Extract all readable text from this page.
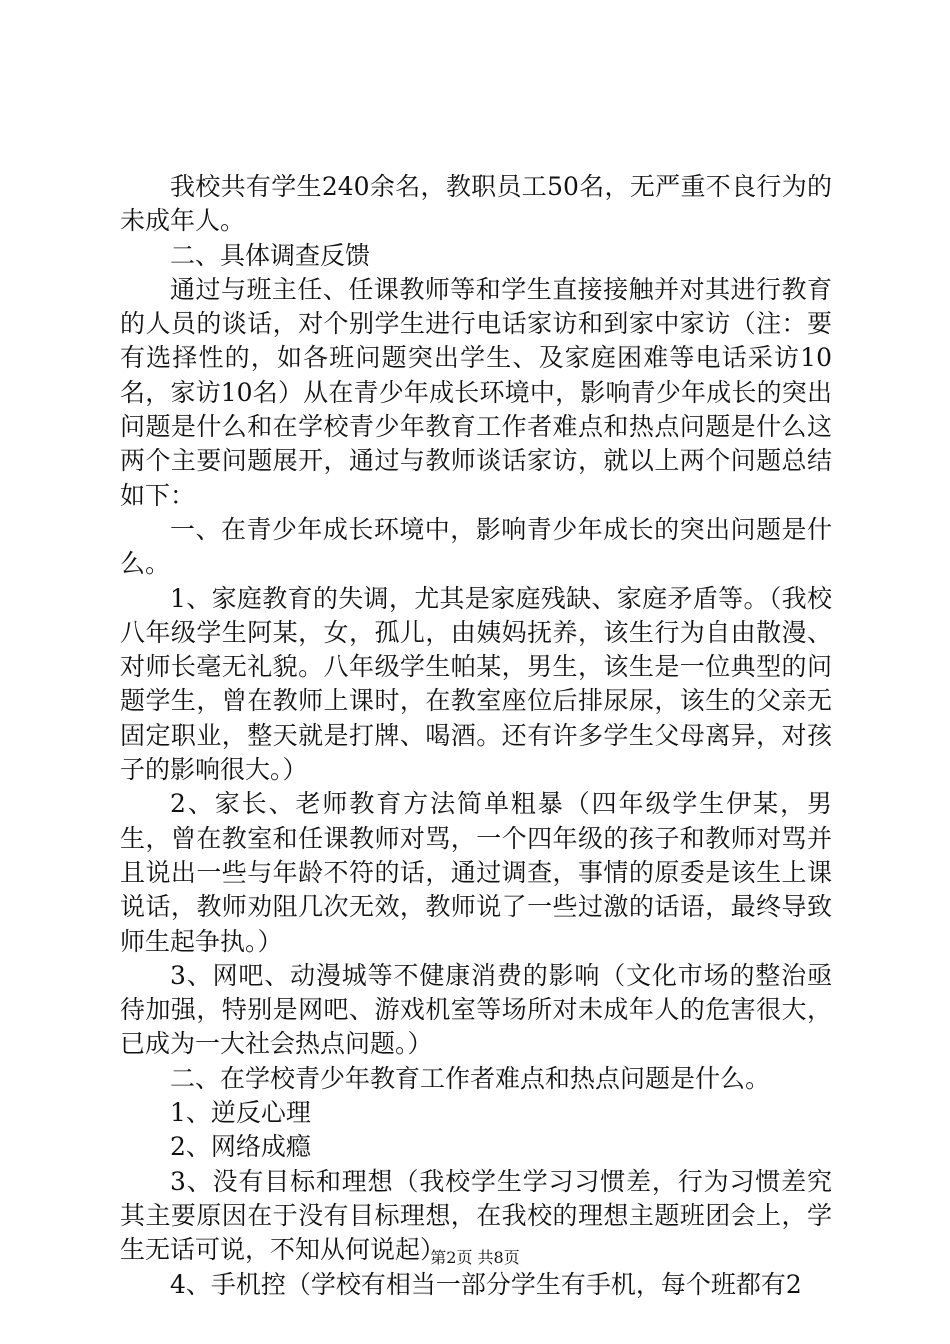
我校共有学生240余名，教职员工50名，无严重不良行为的未成年人。

二、具体调查反馈

通过与班主任、任课教师等和学生直接接触并对其进行教育的人员的谈话，对个别学生进行电话家访和到家中家访（注：要有选择性的，如各班问题突出学生、及家庭困难等电话采访10名，家访10名）从在青少年成长环境中，影响青少年成长的突出问题是什么和在学校青少年教育工作者难点和热点问题是什么这两个主要问题展开，通过与教师谈话家访，就以上两个问题总结如下：

一、在青少年成长环境中，影响青少年成长的突出问题是什么。

1、家庭教育的失调，尤其是家庭残缺、家庭矛盾等。（我校八年级学生阿某，女，孤儿，由姨妈抚养，该生行为自由散漫、对师长毫无礼貌。八年级学生帕某，男生，该生是一位典型的问题学生，曾在教师上课时，在教室座位后排尿尿，该生的父亲无固定职业，整天就是打牌、喝酒。还有许多学生父母离异，对孩子的影响很大。）

2、家长、老师教育方法简单粗暴（四年级学生伊某，男生，曾在教室和任课教师对骂，一个四年级的孩子和教师对骂并且说出一些与年龄不符的话，通过调查，事情的原委是该生上课说话，教师劝阻几次无效，教师说了一些过激的话语，最终导致师生起争执。）

3、网吧、动漫城等不健康消费的影响（文化市场的整治亟待加强，特别是网吧、游戏机室等场所对未成年人的危害很大，已成为一大社会热点问题。）

二、在学校青少年教育工作者难点和热点问题是什么。

1、逆反心理

2、网络成瘾

3、没有目标和理想（我校学生学习习惯差，行为习惯差究其主要原因在于没有目标理想，在我校的理想主题班团会上，学生无话可说，不知从何说起）

4、手机控（学校有相当一部分学生有手机，每个班都有2

第2页 共8页
